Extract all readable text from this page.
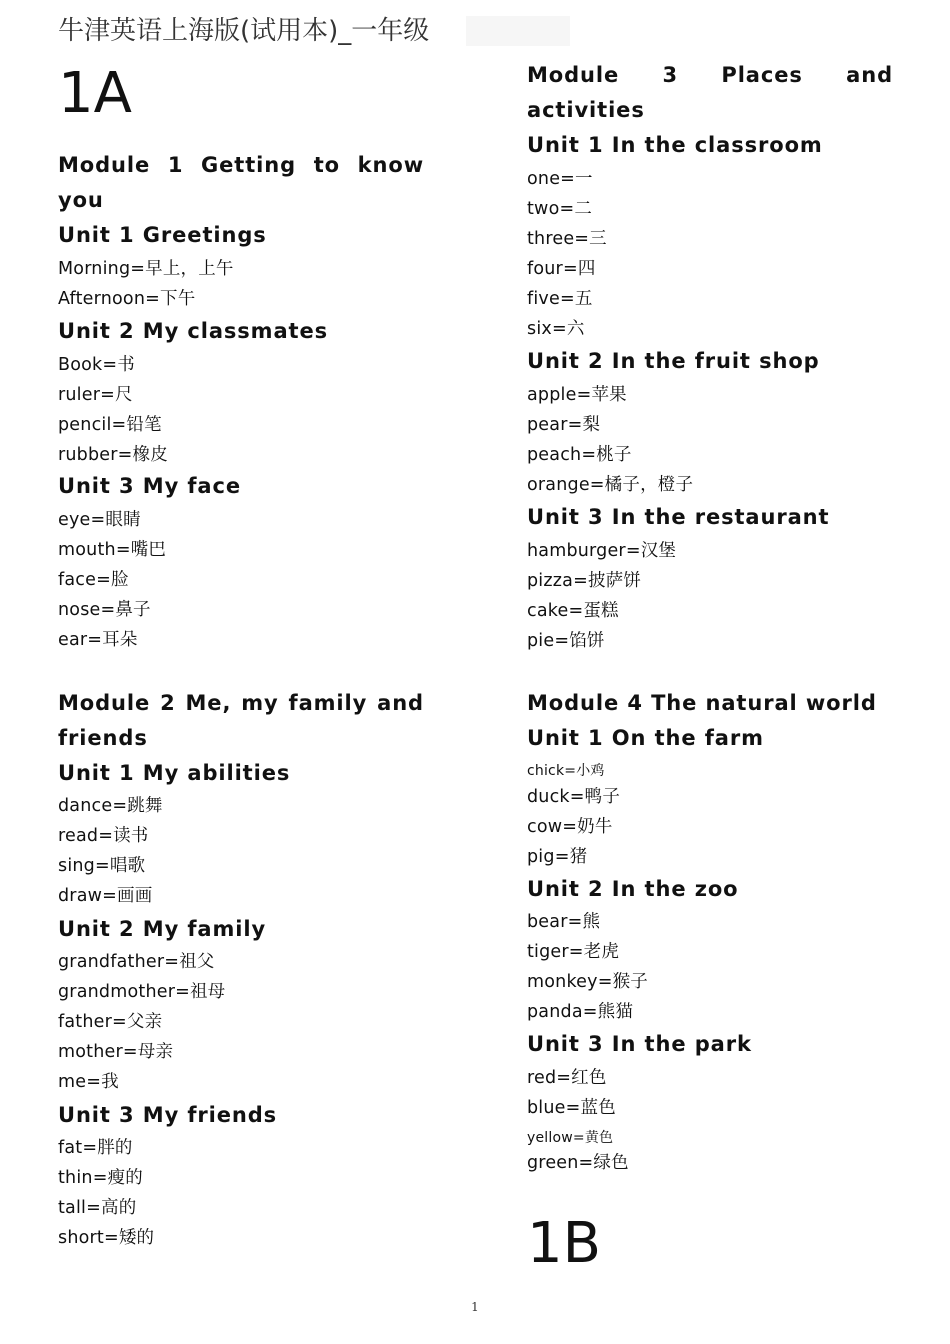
牛津英语上海版(试用本)_一年级
1A
Module 1 Getting to know you
Unit 1 Greetings
Morning=早上，上午
Afternoon=下午
Unit 2 My classmates
Book=书
ruler=尺
pencil=铅笔
rubber=橡皮
Unit 3 My face
eye=眼睛
mouth=嘴巴
face=脸
nose=鼻子
ear=耳朵
Module 2 Me, my family and friends
Unit 1 My abilities
dance=跳舞
read=读书
sing=唱歌
draw=画画
Unit 2 My family
grandfather=祖父
grandmother=祖母
father=父亲
mother=母亲
me=我
Unit 3 My friends
fat=胖的
thin=瘦的
tall=高的
short=矮的
Module 3 Places and activities
Unit 1 In the classroom
one=一
two=二
three=三
four=四
five=五
six=六
Unit 2 In the fruit shop
apple=苹果
pear=梨
peach=桃子
orange=橘子，橙子
Unit 3 In the restaurant
hamburger=汉堡
pizza=披萨饼
cake=蛋糕
pie=馅饼
Module 4 The natural world
Unit 1 On the farm
chick=小鸡
duck=鸭子
cow=奶牛
pig=猪
Unit 2 In the zoo
bear=熊
tiger=老虎
monkey=猴子
panda=熊猫
Unit 3 In the park
red=红色
blue=蓝色
yellow=黄色
green=绿色
1B
1
